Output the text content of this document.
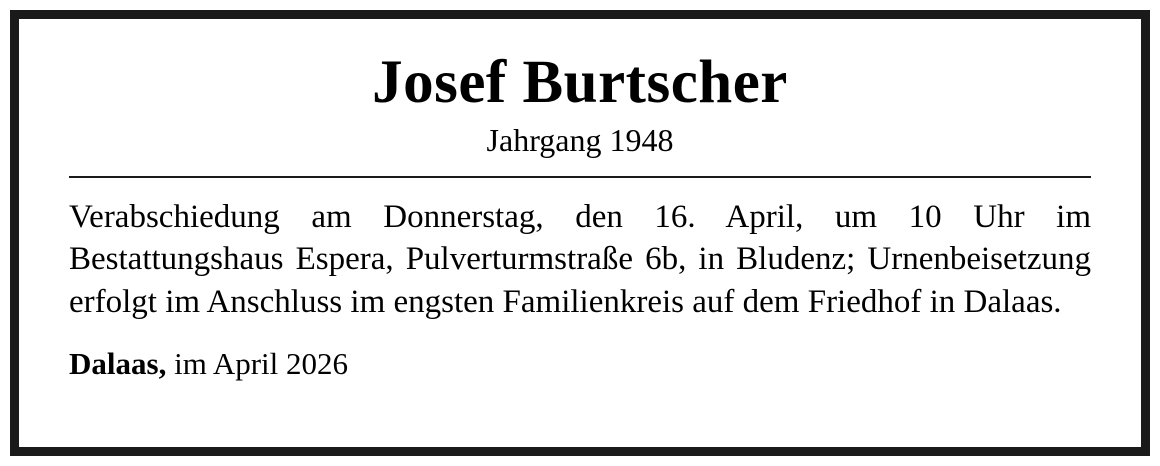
Josef Burtscher
Jahrgang 1948
Verabschiedung am Donnerstag, den 16. April, um 10 Uhr im Bestattungshaus Espera, Pulverturmstraße 6b, in Bludenz; Urnenbeisetzung erfolgt im Anschluss im engsten Familienkreis auf dem Friedhof in Dalaas.
Dalaas, im April 2026
